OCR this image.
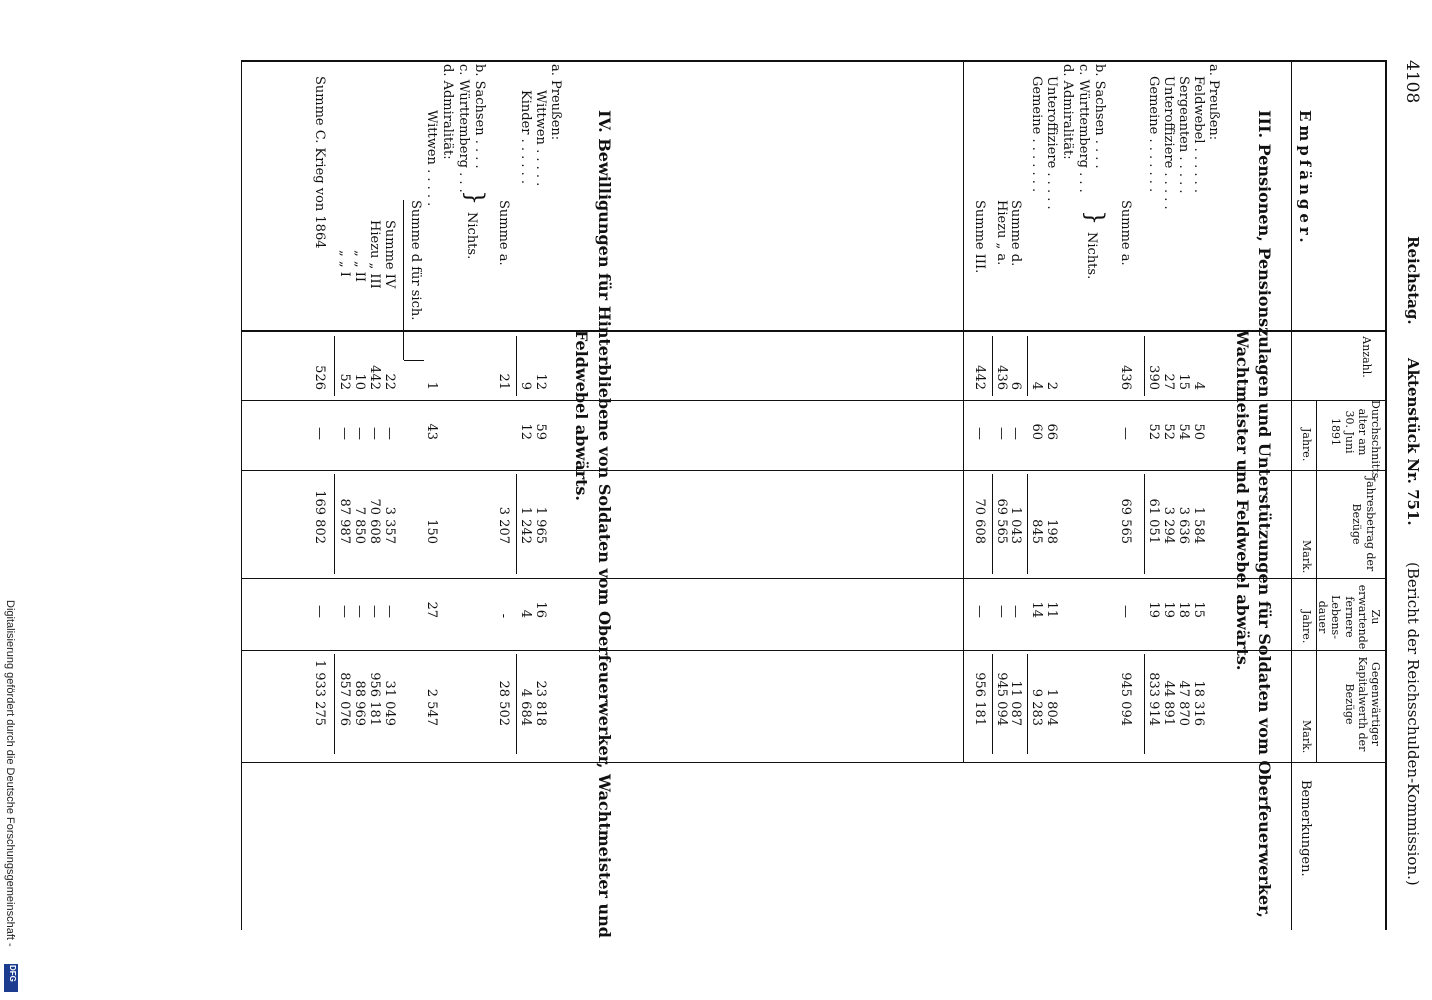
4108
Reichstag.
Aktenstück Nr. 751.
(Bericht der Reichsschulden-Kommission.)
Empfänger.
Anzahl.
Durchschnitts-alter am 30. Juni 1891
Jahre.
Jahresbetrag der Bezüge
Mark.
Zu erwartende fernere Lebens-dauer
Jahre.
Gegenwärtiger Kapitalwerth der Bezüge
Mark.
Bemerkungen.
III. Pensionen, Pensionszulagen und Unterstützungen für Soldaten vom Oberfeuerwerker,
Wachtmeister und Feldwebel abwärts.
a. Preußen:
Feldwebel . . . . . .
4
50
1 584
15
18 316
Sergeanten . . . . .
15
54
3 636
18
47 870
Unteroffiziere . . . . .
27
52
3 294
19
44 891
Gemeine . . . . . . .
390
52
61 051
19
833 914
Summe a.
436
—
69 565
—
945 094
b. Sachsen . . . .
c. Württemberg . . .
}
Nichts.
d. Admiralität:
Unteroffiziere . . . . .
2
66
198
11
1 804
Gemeine . . . . . . .
4
60
845
14
9 283
Summe d.
6
—
1 043
—
11 087
Hiezu „ a.
436
—
69 565
—
945 094
Summe III.
442
—
70 608
—
956 181
IV. Bewilligungen für Hinterbliebene von Soldaten vom Oberfeuerwerker, Wachtmeister und
Feldwebel abwärts.
a. Preußen:
Wittwen . . . . .
12
59
1 965
16
23 818
Kinder . . . . . .
9
12
1 242
4
4 684
Summe a.
21
3 207
-
28 502
b. Sachsen . . . .
c. Württemberg . . .
}
Nichts.
d. Admiralität:
Wittwen . . . . .
1
43
150
27
2 547
Summe d für sich.
Summe IV
22
—
3 357
—
31 049
Hiezu „ III
442
—
70 608
—
956 181
„ „ II
10
—
7 850
—
88 969
„ „ I
52
—
87 987
—
857 076
Summe C. Krieg von 1864
526
—
169 802
—
1 933 275
Digitalisierung gefördert durch die Deutsche Forschungsgemeinschaft -
DFG
